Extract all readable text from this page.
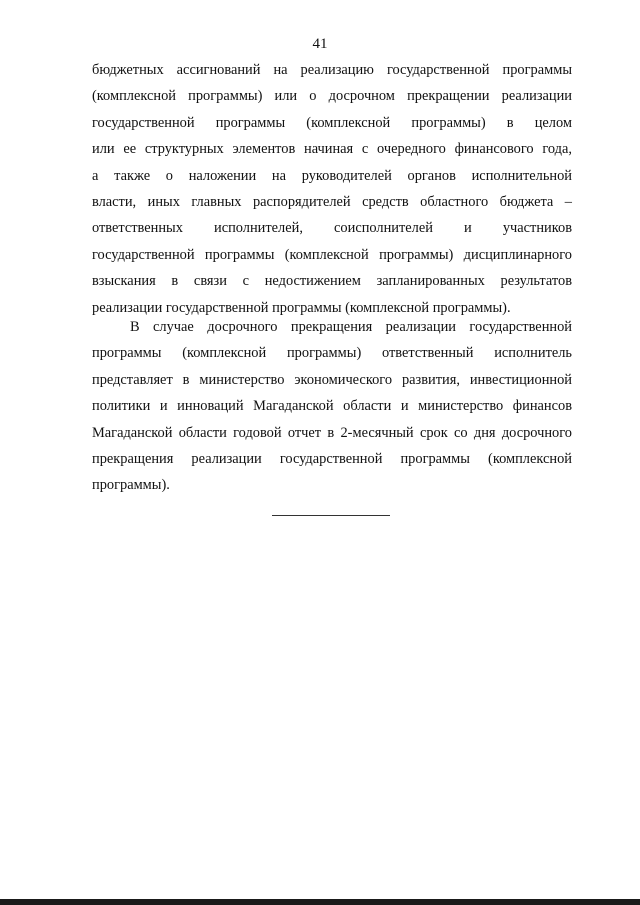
41
бюджетных ассигнований на реализацию государственной программы
(комплексной программы) или о досрочном прекращении реализации
государственной программы (комплексной программы) в целом
или ее структурных элементов начиная с очередного финансового года,
а также о наложении на руководителей органов исполнительной
власти, иных главных распорядителей средств областного бюджета –
ответственных исполнителей, соисполнителей и участников
государственной программы (комплексной программы) дисциплинарного
взыскания в связи с недостижением запланированных результатов
реализации государственной программы (комплексной программы).
В случае досрочного прекращения реализации государственной
программы (комплексной программы) ответственный исполнитель
представляет в министерство экономического развития, инвестиционной
политики и инноваций Магаданской области и министерство финансов
Магаданской области годовой отчет в 2-месячный срок со дня досрочного
прекращения реализации государственной программы (комплексной
программы).
